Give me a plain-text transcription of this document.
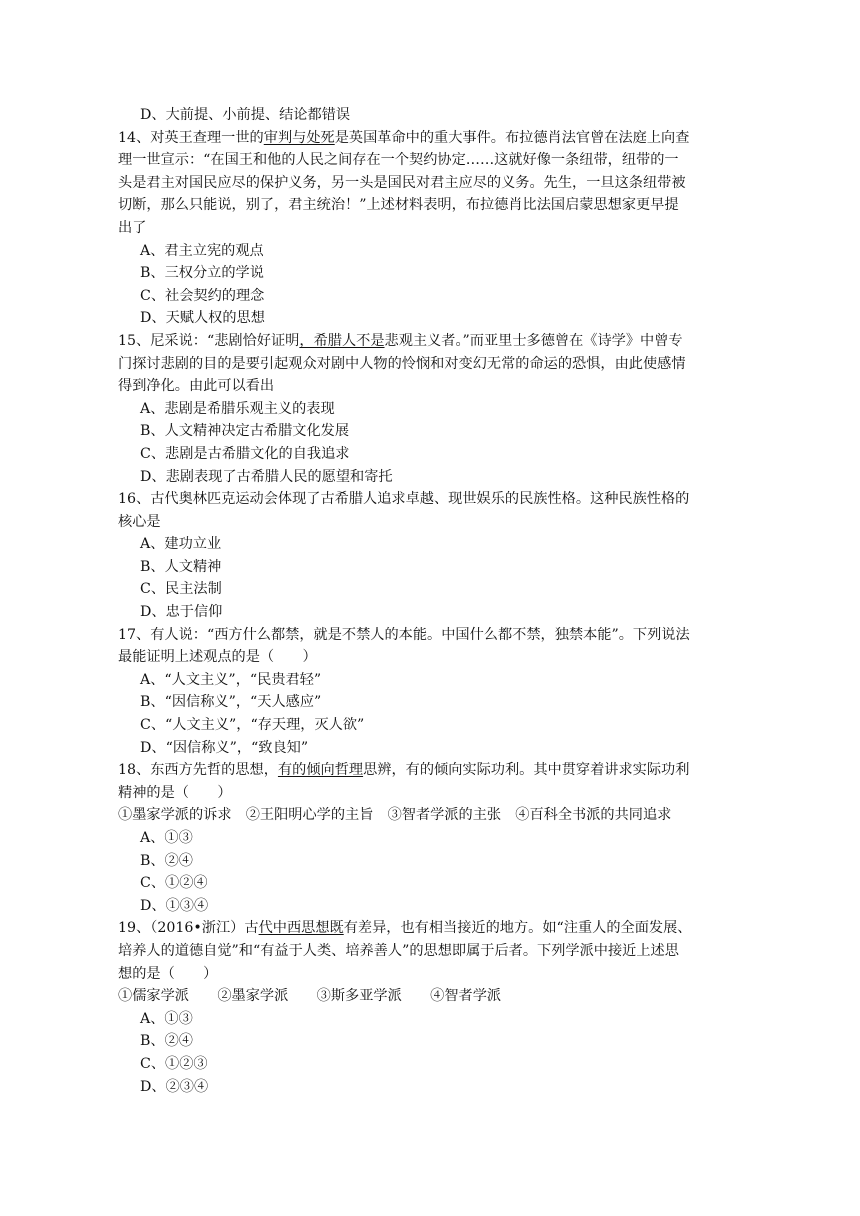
D、大前提、小前提、结论都错误
14、对英王查理一世的审判与处死是英国革命中的重大事件。布拉德肖法官曾在法庭上向查
理一世宣示：“在国王和他的人民之间存在一个契约协定……这就好像一条纽带，纽带的一
头是君主对国民应尽的保护义务，另一头是国民对君主应尽的义务。先生，一旦这条纽带被
切断，那么只能说，别了，君主统治！”上述材料表明，布拉德肖比法国启蒙思想家更早提
出了
A、君主立宪的观点
B、三权分立的学说
C、社会契约的理念
D、天赋人权的思想
15、尼采说：“悲剧恰好证明，希腊人不是悲观主义者。”而亚里士多德曾在《诗学》中曾专
门探讨悲剧的目的是要引起观众对剧中人物的怜悯和对变幻无常的命运的恐惧，由此使感情
得到净化。由此可以看出
A、悲剧是希腊乐观主义的表现
B、人文精神决定古希腊文化发展
C、悲剧是古希腊文化的自我追求
D、悲剧表现了古希腊人民的愿望和寄托
16、古代奥林匹克运动会体现了古希腊人追求卓越、现世娱乐的民族性格。这种民族性格的
核心是
A、建功立业
B、人文精神
C、民主法制
D、忠于信仰
17、有人说：“西方什么都禁，就是不禁人的本能。中国什么都不禁，独禁本能”。下列说法
最能证明上述观点的是（　　）
A、“人文主义”，“民贵君轻”
B、“因信称义”，“天人感应”
C、“人文主义”，“存天理，灭人欲”
D、“因信称义”，“致良知”
18、东西方先哲的思想，有的倾向哲理思辨，有的倾向实际功利。其中贯穿着讲求实际功利
精神的是（　　）
①墨家学派的诉求　②王阳明心学的主旨　③智者学派的主张　④百科全书派的共同追求
A、①③
B、②④
C、①②④
D、①③④
19、（2016•浙江）古代中西思想既有差异，也有相当接近的地方。如“注重人的全面发展、
培养人的道德自觉”和“有益于人类、培养善人”的思想即属于后者。下列学派中接近上述思
想的是（　　）
①儒家学派　　②墨家学派　　③斯多亚学派　　④智者学派
A、①③
B、②④
C、①②③
D、②③④
